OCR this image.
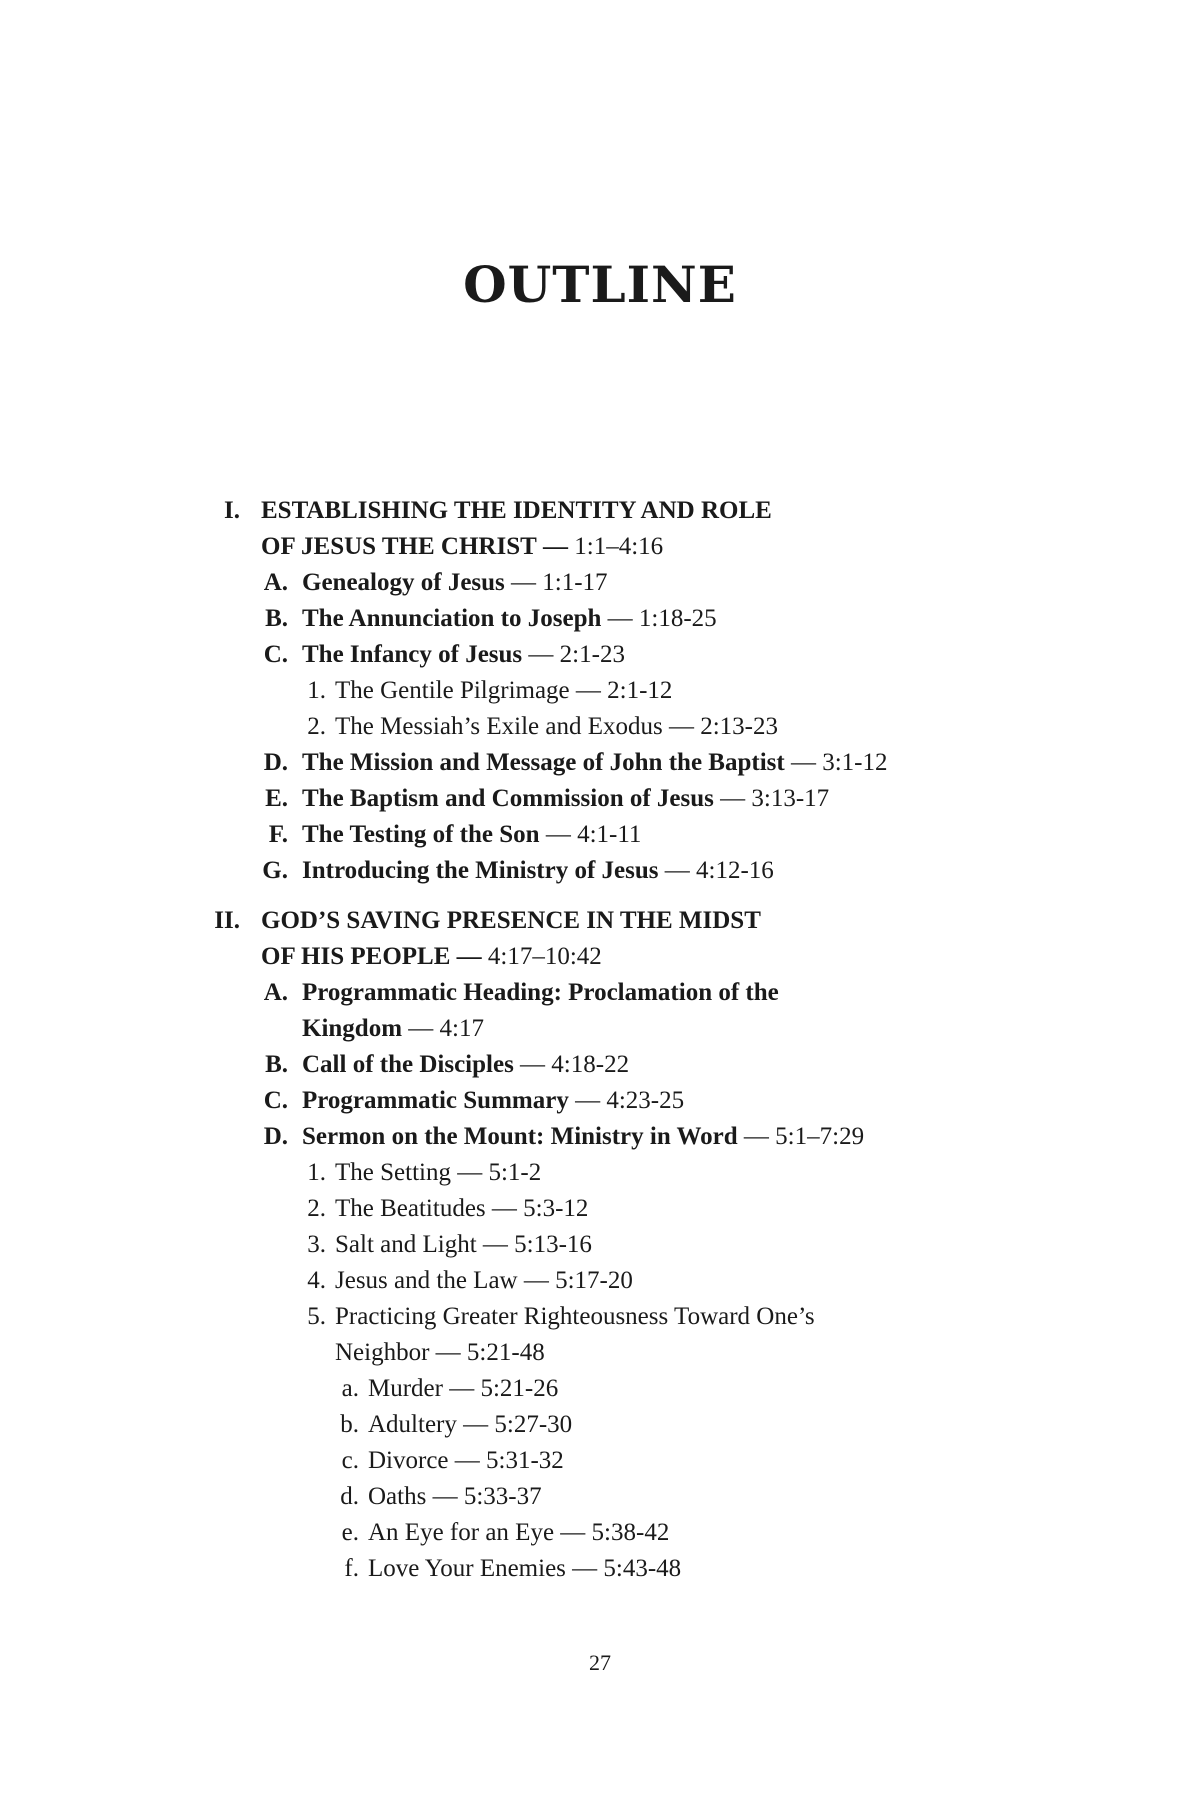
OUTLINE
I. ESTABLISHING THE IDENTITY AND ROLE
OF JESUS THE CHRIST — 1:1–4:16
A. Genealogy of Jesus — 1:1-17
B. The Annunciation to Joseph — 1:18-25
C. The Infancy of Jesus — 2:1-23
1. The Gentile Pilgrimage — 2:1-12
2. The Messiah’s Exile and Exodus — 2:13-23
D. The Mission and Message of John the Baptist — 3:1-12
E. The Baptism and Commission of Jesus — 3:13-17
F. The Testing of the Son — 4:1-11
G. Introducing the Ministry of Jesus — 4:12-16
II. GOD’S SAVING PRESENCE IN THE MIDST
OF HIS PEOPLE — 4:17–10:42
A. Programmatic Heading: Proclamation of the
Kingdom — 4:17
B. Call of the Disciples — 4:18-22
C. Programmatic Summary — 4:23-25
D. Sermon on the Mount: Ministry in Word — 5:1–7:29
1. The Setting — 5:1-2
2. The Beatitudes — 5:3-12
3. Salt and Light — 5:13-16
4. Jesus and the Law — 5:17-20
5. Practicing Greater Righteousness Toward One’s
Neighbor — 5:21-48
a. Murder — 5:21-26
b. Adultery — 5:27-30
c. Divorce — 5:31-32
d. Oaths — 5:33-37
e. An Eye for an Eye — 5:38-42
f. Love Your Enemies — 5:43-48
27
